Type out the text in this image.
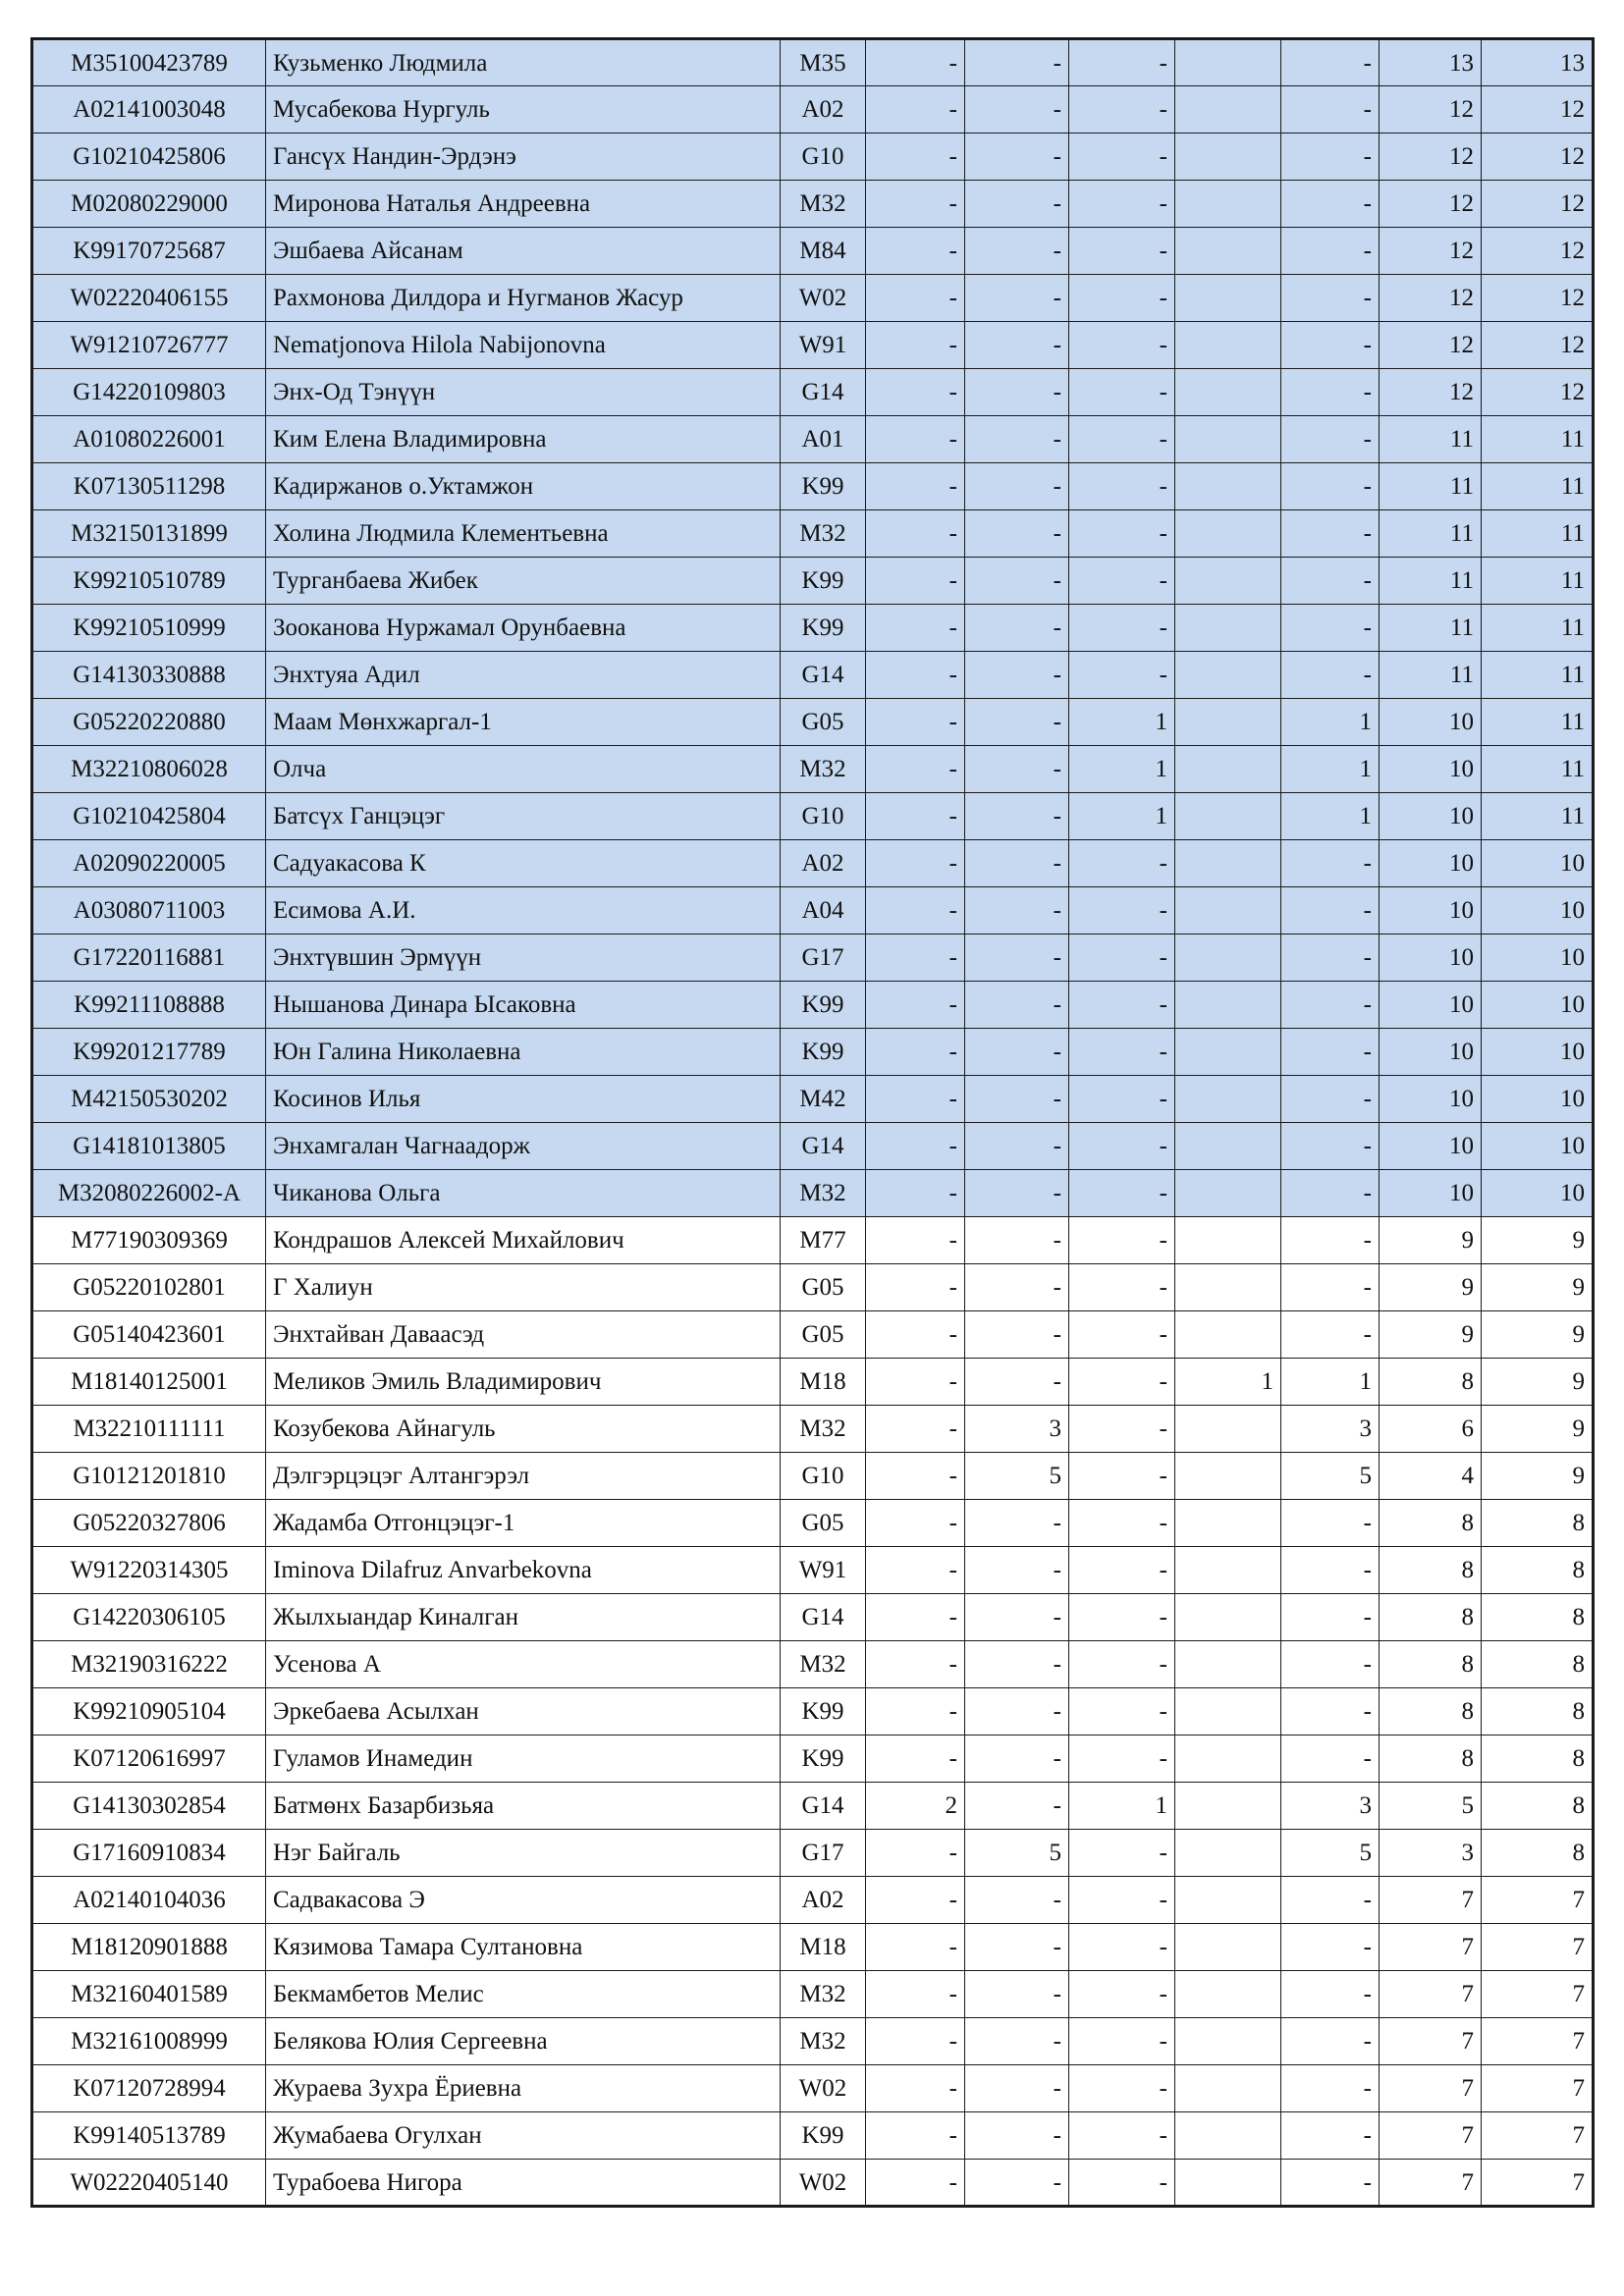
M35100423789	Кузьменко Людмила	M35	-	-	-		-	13	13
A02141003048	Мусабекова Нургуль	A02	-	-	-		-	12	12
G10210425806	Гансүх Нандин-Эрдэнэ	G10	-	-	-		-	12	12
M02080229000	Миронова Наталья Андреевна	M32	-	-	-		-	12	12
K99170725687	Эшбаева Айсанам	M84	-	-	-		-	12	12
W02220406155	Рахмонова Дилдора и Нугманов Жасур	W02	-	-	-		-	12	12
W91210726777	Nematjonova Hilola Nabijonovna	W91	-	-	-		-	12	12
G14220109803	Энх-Од Тэнүүн	G14	-	-	-		-	12	12
A01080226001	Ким Елена Владимировна	A01	-	-	-		-	11	11
K07130511298	Кадиржанов о.Уктамжон	K99	-	-	-		-	11	11
M32150131899	Холина Людмила Клементьевна	M32	-	-	-		-	11	11
K99210510789	Турганбаева Жибек	K99	-	-	-		-	11	11
K99210510999	Зооканова Нуржамал Орунбаевна	K99	-	-	-		-	11	11
G14130330888	Энхтуяа Адил	G14	-	-	-		-	11	11
G05220220880	Маам Мөнхжаргал-1	G05	-	-	1		1	10	11
M32210806028	Олча	M32	-	-	1		1	10	11
G10210425804	Батсүх Ганцэцэг	G10	-	-	1		1	10	11
A02090220005	Садуакасова К	A02	-	-	-		-	10	10
A03080711003	Есимова А.И.	A04	-	-	-		-	10	10
G17220116881	Энхтүвшин Эрмүүн	G17	-	-	-		-	10	10
K99211108888	Нышанова Динара Ысаковна	K99	-	-	-		-	10	10
K99201217789	Юн Галина Николаевна	K99	-	-	-		-	10	10
M42150530202	Косинов Илья	M42	-	-	-		-	10	10
G14181013805	Энхамгалан Чагнаадорж	G14	-	-	-		-	10	10
M32080226002-A	Чиканова Ольга	M32	-	-	-		-	10	10
M77190309369	Кондрашов Алексей Михайлович	M77	-	-	-		-	9	9
G05220102801	Г Халиун	G05	-	-	-		-	9	9
G05140423601	Энхтайван Даваасэд	G05	-	-	-		-	9	9
M18140125001	Меликов Эмиль Владимирович	M18	-	-	-	1	1	8	9
M32210111111	Козубекова Айнагуль	M32	-	3	-		3	6	9
G10121201810	Дэлгэрцэцэг Алтангэрэл	G10	-	5	-		5	4	9
G05220327806	Жадамба Отгонцэцэг-1	G05	-	-	-		-	8	8
W91220314305	Iminova Dilafruz Anvarbekovna	W91	-	-	-		-	8	8
G14220306105	Жылхыандар Киналган	G14	-	-	-		-	8	8
M32190316222	Усенова А	M32	-	-	-		-	8	8
K99210905104	Эркебаева Асылхан	K99	-	-	-		-	8	8
K07120616997	Гуламов Инамедин	K99	-	-	-		-	8	8
G14130302854	Батмөнх Базарбизьяа	G14	2	-	1		3	5	8
G17160910834	Нэг Байгаль	G17	-	5	-		5	3	8
A02140104036	Садвакасова Э	A02	-	-	-		-	7	7
M18120901888	Кязимова Тамара Султановна	M18	-	-	-		-	7	7
M32160401589	Бекмамбетов Мелис	M32	-	-	-		-	7	7
M32161008999	Белякова Юлия Сергеевна	M32	-	-	-		-	7	7
K07120728994	Жураева Зухра Ёриевна	W02	-	-	-		-	7	7
K99140513789	Жумабаева Огулхан	K99	-	-	-		-	7	7
W02220405140	Турабоева Нигора	W02	-	-	-		-	7	7
